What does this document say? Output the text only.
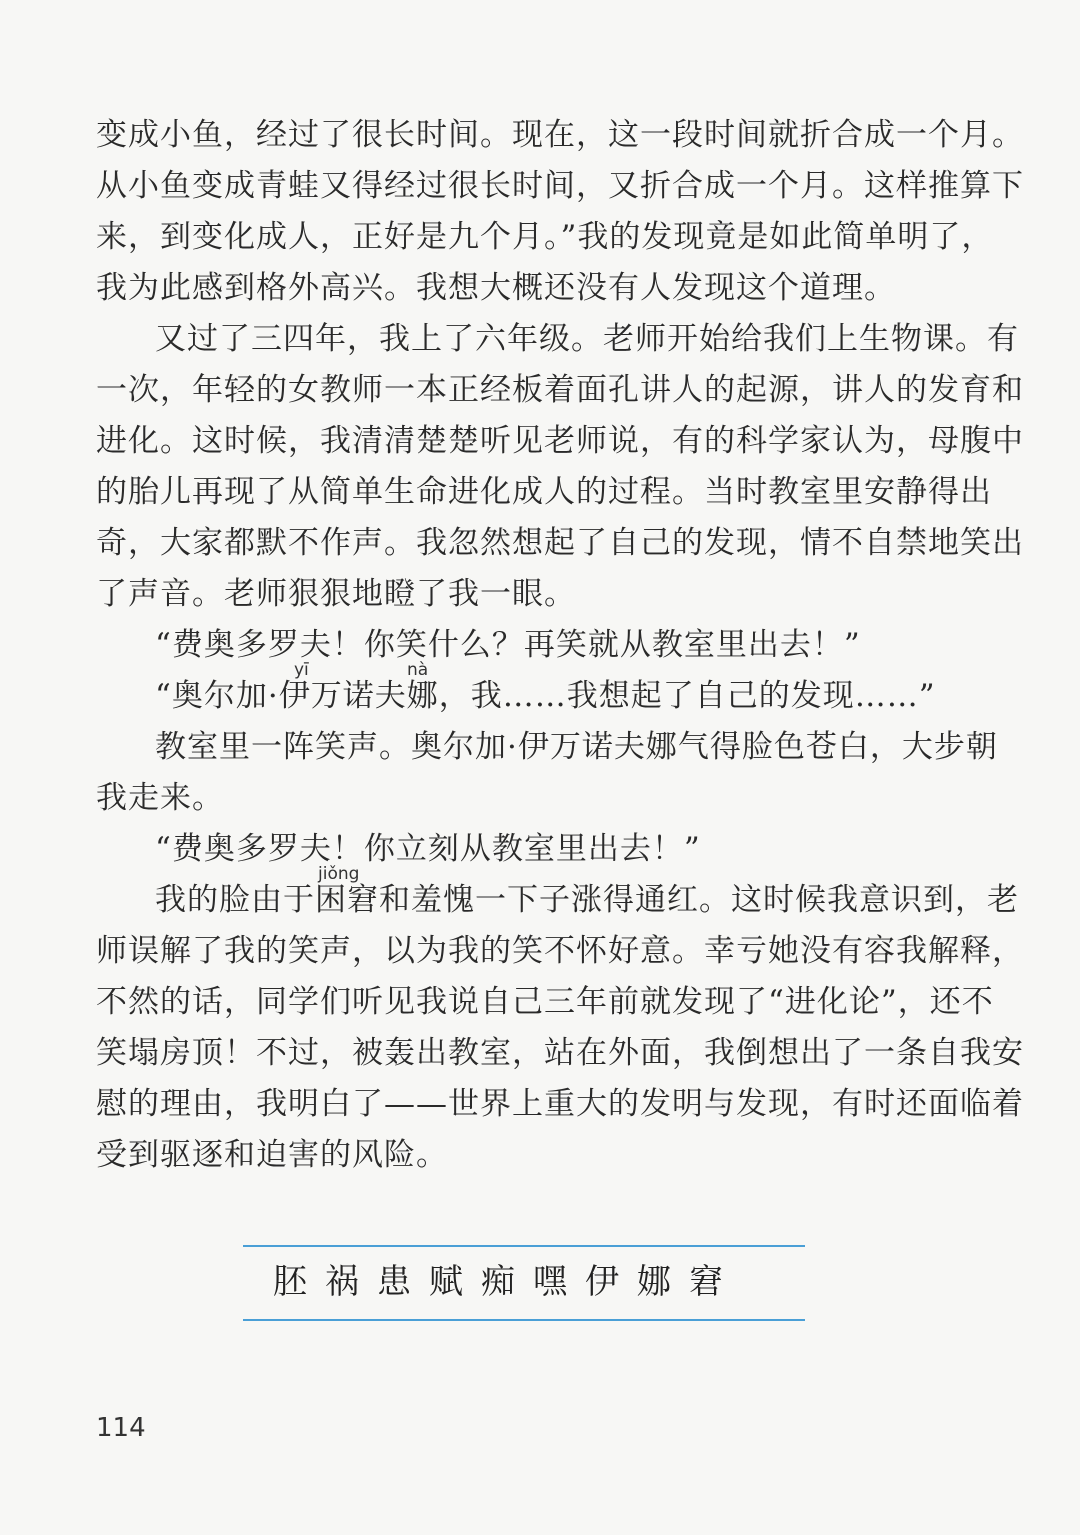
变成小鱼，经过了很长时间。现在，这一段时间就折合成一个月。
从小鱼变成青蛙又得经过很长时间，又折合成一个月。这样推算下
来，到变化成人，正好是九个月。”我的发现竟是如此简单明了，
我为此感到格外高兴。我想大概还没有人发现这个道理。
又过了三四年，我上了六年级。老师开始给我们上生物课。有
一次，年轻的女教师一本正经板着面孔讲人的起源，讲人的发育和
进化。这时候，我清清楚楚听见老师说，有的科学家认为，母腹中
的胎儿再现了从简单生命进化成人的过程。当时教室里安静得出
奇，大家都默不作声。我忽然想起了自己的发现，情不自禁地笑出
了声音。老师狠狠地瞪了我一眼。
“费奥多罗夫！你笑什么？再笑就从教室里出去！”
yī	nà
“奥尔加·伊万诺夫娜，我……我想起了自己的发现……”
教室里一阵笑声。奥尔加·伊万诺夫娜气得脸色苍白，大步朝
我走来。
“费奥多罗夫！你立刻从教室里出去！”
jiǒng
我的脸由于困窘和羞愧一下子涨得通红。这时候我意识到，老
师误解了我的笑声，以为我的笑不怀好意。幸亏她没有容我解释，
不然的话，同学们听见我说自己三年前就发现了“进化论”，还不
笑塌房顶！不过，被轰出教室，站在外面，我倒想出了一条自我安
慰的理由，我明白了——世界上重大的发明与发现，有时还面临着
受到驱逐和迫害的风险。
胚祸患赋痴嘿伊娜窘
114
